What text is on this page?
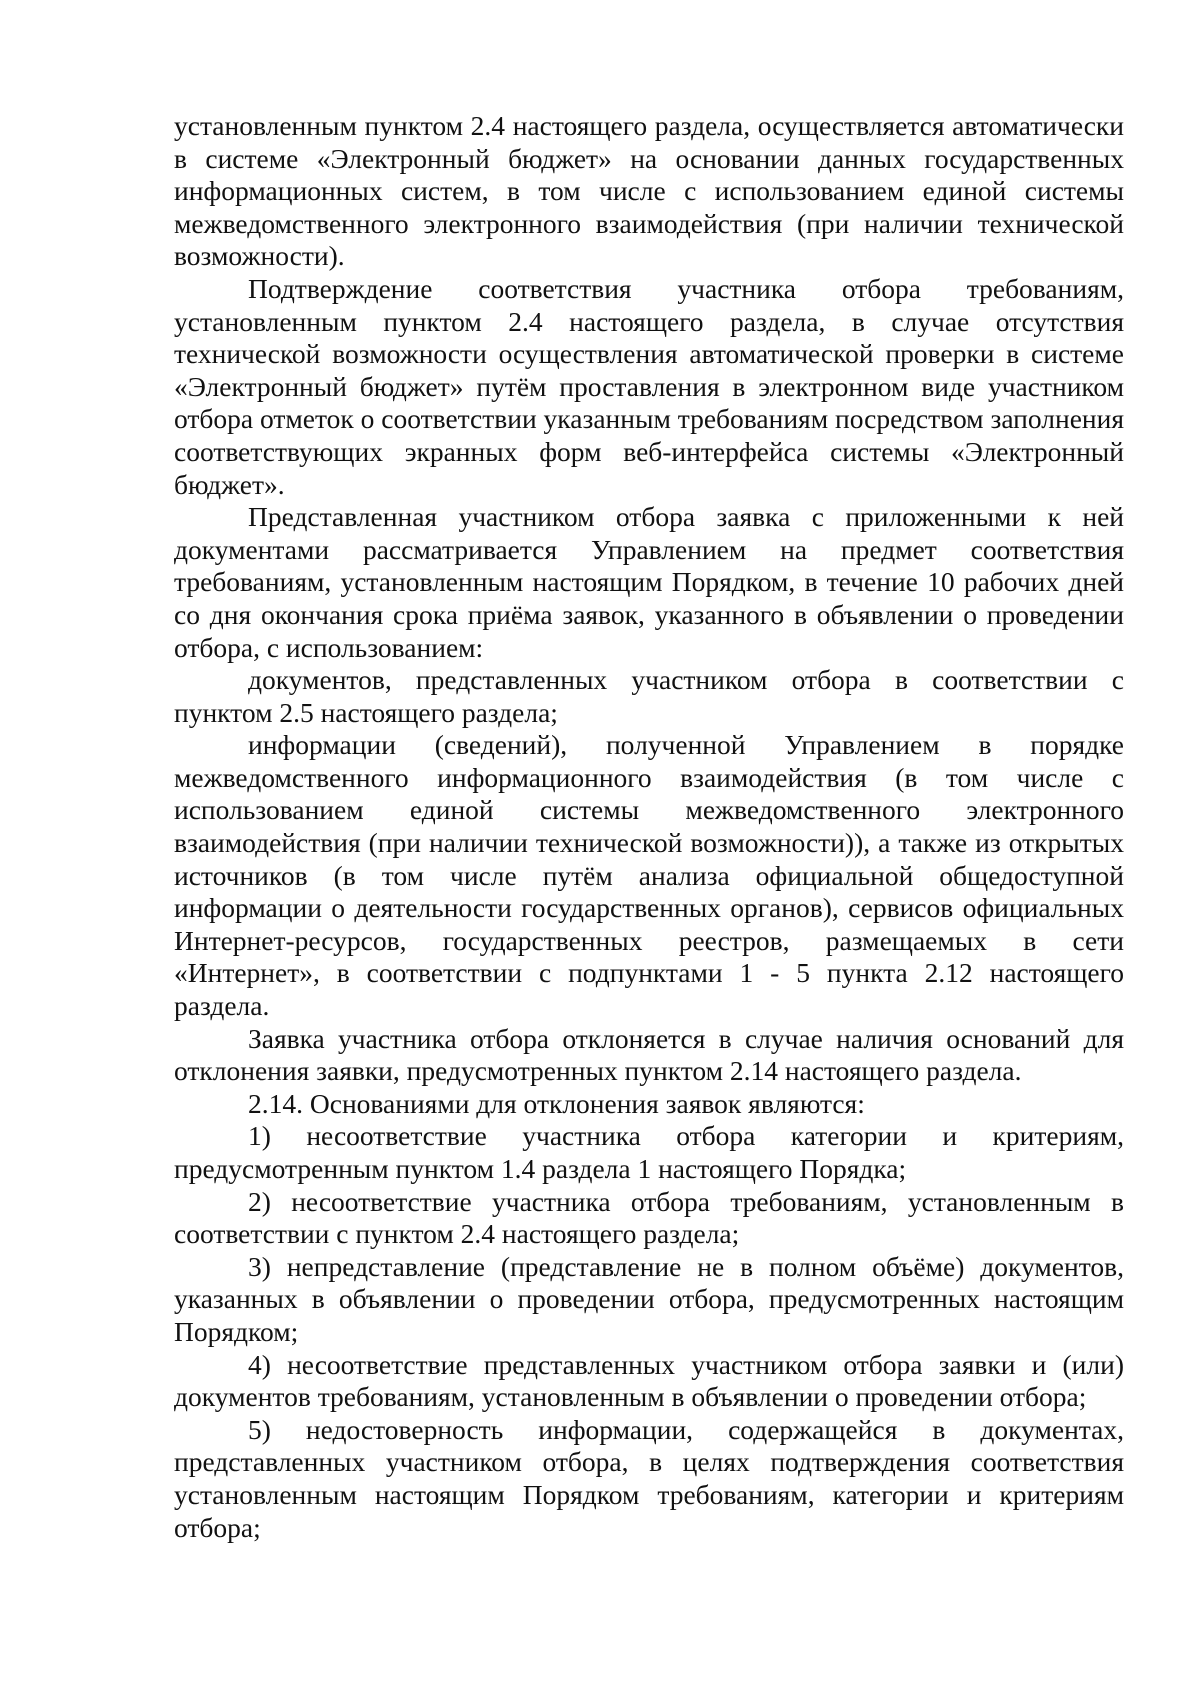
установленным пунктом 2.4 настоящего раздела, осуществляется автоматически в системе «Электронный бюджет» на основании данных государственных информационных систем, в том числе с использованием единой системы межведомственного электронного взаимодействия (при наличии технической возможности).

Подтверждение соответствия участника отбора требованиям, установленным пунктом 2.4 настоящего раздела, в случае отсутствия технической возможности осуществления автоматической проверки в системе «Электронный бюджет» путём проставления в электронном виде участником отбора отметок о соответствии указанным требованиям посредством заполнения соответствующих экранных форм веб-интерфейса системы «Электронный бюджет».

Представленная участником отбора заявка с приложенными к ней документами рассматривается Управлением на предмет соответствия требованиям, установленным настоящим Порядком, в течение 10 рабочих дней со дня окончания срока приёма заявок, указанного в объявлении о проведении отбора, с использованием:

документов, представленных участником отбора в соответствии с пунктом 2.5 настоящего раздела;

информации (сведений), полученной Управлением в порядке межведомственного информационного взаимодействия (в том числе с использованием единой системы межведомственного электронного взаимодействия (при наличии технической возможности)), а также из открытых источников (в том числе путём анализа официальной общедоступной информации о деятельности государственных органов), сервисов официальных Интернет-ресурсов, государственных реестров, размещаемых в сети «Интернет», в соответствии с подпунктами 1 - 5 пункта 2.12 настоящего раздела.

Заявка участника отбора отклоняется в случае наличия оснований для отклонения заявки, предусмотренных пунктом 2.14 настоящего раздела.

2.14. Основаниями для отклонения заявок являются:

1) несоответствие участника отбора категории и критериям, предусмотренным пунктом 1.4 раздела 1 настоящего Порядка;

2) несоответствие участника отбора требованиям, установленным в соответствии с пунктом 2.4 настоящего раздела;

3) непредставление (представление не в полном объёме) документов, указанных в объявлении о проведении отбора, предусмотренных настоящим Порядком;

4) несоответствие представленных участником отбора заявки и (или) документов требованиям, установленным в объявлении о проведении отбора;

5) недостоверность информации, содержащейся в документах, представленных участником отбора, в целях подтверждения соответствия установленным настоящим Порядком требованиям, категории и критериям отбора;
